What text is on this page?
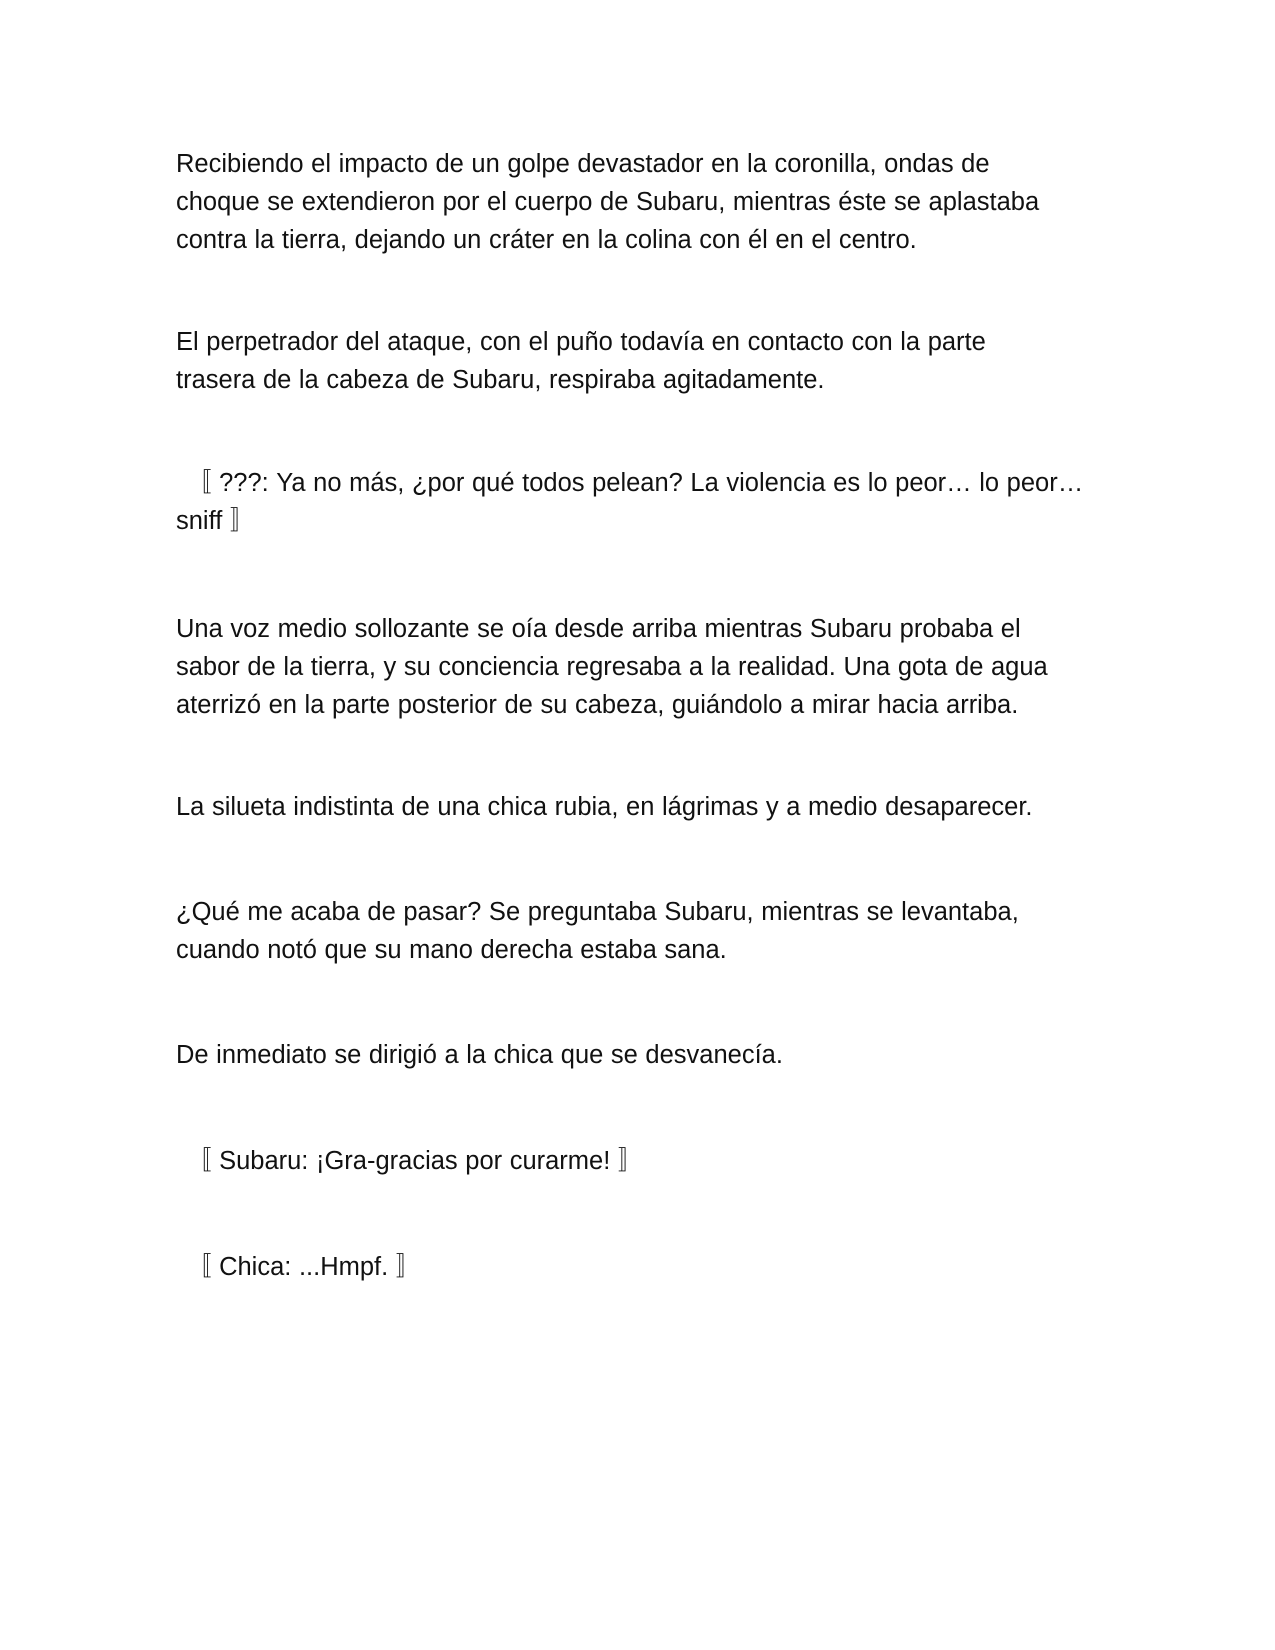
Recibiendo el impacto de un golpe devastador en la coronilla, ondas de
choque se extendieron por el cuerpo de Subaru, mientras éste se aplastaba
contra la tierra, dejando un cráter en la colina con él en el centro.

El perpetrador del ataque, con el puño todavía en contacto con la parte
trasera de la cabeza de Subaru, respiraba agitadamente.

〚 ???: Ya no más, ¿por qué todos pelean? La violencia es lo peor… lo peor…
sniff 〛

Una voz medio sollozante se oía desde arriba mientras Subaru probaba el
sabor de la tierra, y su conciencia regresaba a la realidad. Una gota de agua
aterrizó en la parte posterior de su cabeza, guiándolo a mirar hacia arriba.

La silueta indistinta de una chica rubia, en lágrimas y a medio desaparecer.

¿Qué me acaba de pasar? Se preguntaba Subaru, mientras se levantaba,
cuando notó que su mano derecha estaba sana.

De inmediato se dirigió a la chica que se desvanecía.

〚 Subaru: ¡Gra-gracias por curarme! 〛

〚 Chica: ...Hmpf. 〛
